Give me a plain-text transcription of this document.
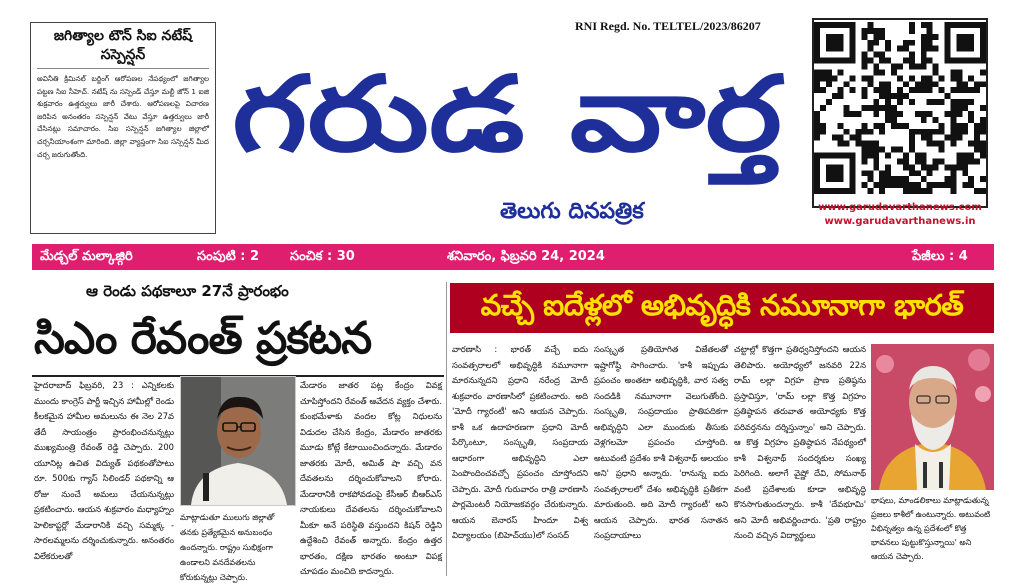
జగిత్యాల టౌన్ సిఐ నటేష్ సస్పెన్షన్
అవినీతి క్రిమినల్ బర్జింగ్ ఆరోపణల నేపథ్యంలో జగిత్యాల పట్టణ సిఐ సీహెచ్. నటేష్ ను సస్పెండ్ చేస్తూ మల్టీ జోన్ 1 ఐజి శుక్రవారం ఉత్తర్వులు జారీ చేశారు. ఆరోపణలపై విచారణ జరిపిన అనంతరం సస్పెన్షన్ వేటు వేస్తూ ఉత్తర్వులు జారీ చేసినట్లు సమాచారం. సిఐ సస్పెన్షన్ జగిత్యాల జిల్లాలో చర్చనీయాంశంగా మారింది. జిల్లా వ్యాప్తంగా సిఐ సస్పెన్షన్ మీద చర్చ జరుగుతోంది.
RNI Regd. No. TELTEL/2023/86207
గరుడ వార్త
తెలుగు దినపత్రిక	www.garudavarthanews.com
www.garudavarthanews.in
మేడ్చల్ మల్కాజ్గిరి	సంపుటి : 2 సంచిక : 30	శనివారం, ఫిబ్రవరి 24, 2024	పేజీలు : 4
ఆ రెండు పథకాలూ 27నే ప్రారంభం
సిఎం రేవంత్ ప్రకటన
హైదరాబాద్ ఫిబ్రవరి, 23 : ఎన్నికలకు ముందు కాంగ్రెస్ పార్టీ ఇచ్చిన హామీల్లో రెండు కీలకమైన హామీల అమలును ఈ నెల 27వ తేదీ సాయంత్రం ప్రారంభించనున్నట్లు ముఖ్యమంత్రి రేవంత్ రెడ్డి చెప్పారు. 200 యూనిట్ల ఉచిత విద్యుత్ పథకంతోపాటు రూ. 500కు గ్యాస్ సిలిండర్ పథకాన్ని ఆ రోజు నుంచే అమలు చేయనున్నట్లు ప్రకటించారు. ఆయన శుక్రవారం మధ్యాహ్నం హెలికాప్టర్లో మేడారానికి వచ్చి సమ్మక్క - సారలమ్మలను దర్శించుకున్నారు. అనంతరం విలేకరులతో
మాట్లాడుతూ ములుగు జిల్లాతో తనకు ప్రత్యేకమైన అనుబంధం ఉందన్నారు. రాష్ట్రం సుభిక్షంగా ఉండాలని వనదేవతలను కోరుకున్నట్లు చెప్పారు.
మేడారం జాతర పట్ల కేంద్రం వివక్ష చూపిస్తోందని రేవంత్ ఆవేదన వ్యక్తం చేశారు. కుంభమేళాకు వందల కోట్ల నిధులను విడుదల చేసిన కేంద్రం, మేడారం జాతరకు మూడు కోట్లే కేటాయించిందన్నారు. మేడారం జాతరకు మోదీ, అమిత్ షా వచ్చి వన దేవతలను దర్శించుకోవాలని కోరారు. మేడారానికి రాకపోవడంపై కేసీఆర్ బీఆర్ఎస్ నాయకులు దేవతలను దర్శించుకోవాలని మీకూ అనే పరిస్థితి వస్తుందని కిషన్ రెడ్డిని ఉద్దేశించి రేవంత్ అన్నారు. కేంద్రం ఉత్తర భారతం, దక్షిణ భారతం అంటూ విపక్ష చూపడం మంచిది కాదన్నారు.
వచ్చే ఐదేళ్లలో అభివృద్ధికి నమూనాగా భారత్
వారణాసి : భారత్ వచ్చే ఐదు సంవత్సరాలలో అభివృద్ధికి నమూనాగా మారనున్నదని ప్రధాని నరేంద్ర మోదీ శుక్రవారం వారణాసిలో ప్రకటించారు. అది 'మోదీ గ్యారంటీ' అని ఆయన చెప్పారు. కాశీ ఒక ఉదాహరణగా ప్రధాని మోదీ పేర్కొంటూ, సంస్కృతి, సంప్రదాయ ఆధారంగా అభివృద్ధిని ఎలా పెంపొందించవచ్చో ప్రపంచం చూస్తోందని చెప్పారు. మోదీ గురువారం రాత్రి వారణాసి పార్లమెంటరీ నియోజకవర్గం చేరుకున్నారు. ఆయన బెనారస్ హిందూ విశ్వ విద్యాలయం (బిహెచ్‌యు)లో సంసద్
సంస్కృత ప్రతియోగిత విజేతలతో ఇష్టాగోష్ఠి సాగించారు. 'కాశీ ఇప్పుడు ప్రపంచం అంతటా అభివృద్ధికి, వార సత్వ సందడికి నమూనాగా వెలుగుతోంది. సంస్కృతి, సంప్రదాయం ప్రాతిపదికగా అభివృద్ధిని ఎలా ముందుకు తీసుకు వెళ్లగలమో ప్రపంచం చూస్తోంది. అటువంటి ప్రదేశం కాశీ విశ్వనాథ్ ఆలయం అని' ప్రధాని అన్నారు. 'రానున్న ఐదు సంవత్సరాలలో దేశం అభివృద్ధికి ప్రతీకగా మారుతుంది. అది మోదీ గ్యారంటీ' అని ఆయన చెప్పారు. భారత సనాతన సంప్రదాయాలు
చట్టాల్లో కొత్తగా ప్రతిధ్వనిస్తోందని ఆయన తెలిపారు. అయోధ్యలో జనవరి 22న రామ్ లల్లా విగ్రహ ప్రాణ ప్రతిష్ఠను ప్రస్తావిస్తూ, 'రామ్ లల్లా కొత్త విగ్రహం ప్రతిష్ఠాపన తరువాత అయోధ్యకు కొత్త పరివర్తనను దర్శిస్తున్నాం' అని చెప్పారు. ఆ కొత్త విగ్రహం ప్రతిష్ఠాపన నేపథ్యంలో కాశీ విశ్వనాథ్ సందర్శకుల సంఖ్య పెరిగింది. అలాగే వైష్ణో దేవి, సోమనాథ్ వంటి ప్రదేశాలకు కూడా అభివృద్ధి కొనసాగుతుందన్నారు. కాశీ 'దేవభూమి' అని మోదీ అభివర్ణించారు. 'ప్రతి రాష్ట్రం నుంచి వచ్చిన విద్యార్థులు
భాషలు, మాండలికాలు మాట్లాడుతున్న ప్రజలు కాశీలో ఉంటున్నారు. అటువంటి విభిన్నత్వం ఉన్న ప్రదేశంలో కొత్త భావనలు పుట్టుకొస్తున్నాయి' అని ఆయన చెప్పారు.
